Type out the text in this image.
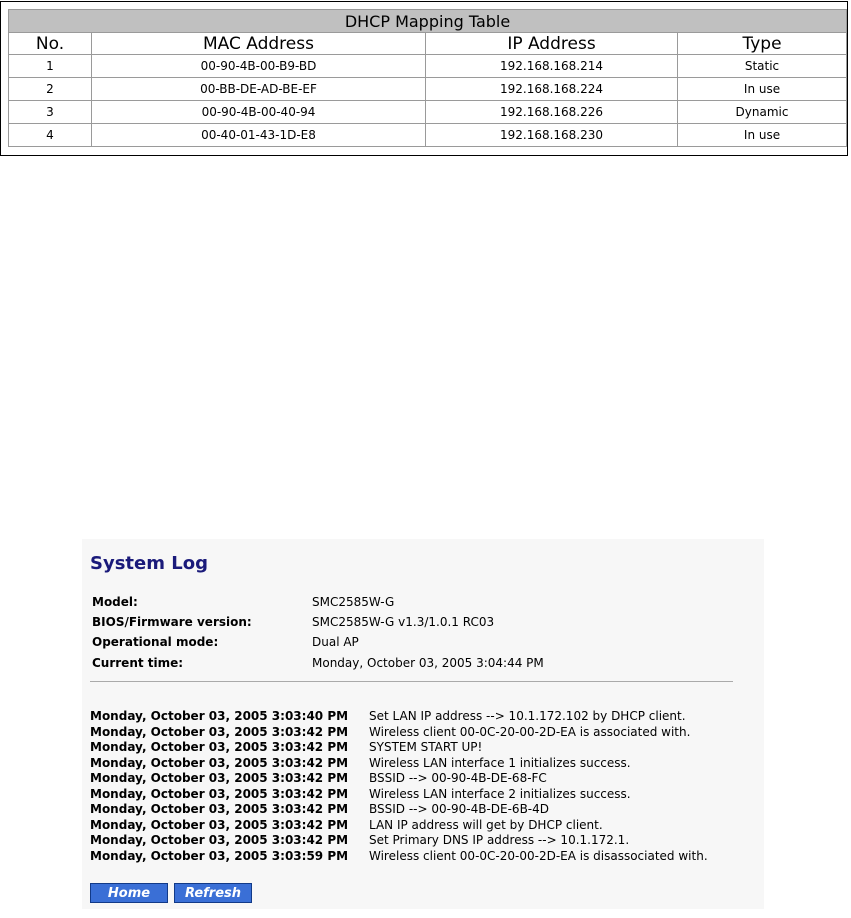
DHCP Mapping Table			
No.	MAC Address	IP Address	Type
1	00-90-4B-00-B9-BD	192.168.168.214	Static
2	00-BB-DE-AD-BE-EF	192.168.168.224	In use
3	00-90-4B-00-40-94	192.168.168.226	Dynamic
4	00-40-01-43-1D-E8	192.168.168.230	In use
System Log
Model:	SMC2585W-G
BIOS/Firmware version:	SMC2585W-G v1.3/1.0.1 RC03
Operational mode:	Dual AP
Current time:	Monday, October 03, 2005 3:04:44 PM
Monday, October 03, 2005 3:03:40 PM Set LAN IP address --> 10.1.172.102 by DHCP client.
Monday, October 03, 2005 3:03:42 PM Wireless client 00-0C-20-00-2D-EA is associated with.
Monday, October 03, 2005 3:03:42 PM SYSTEM START UP!
Monday, October 03, 2005 3:03:42 PM Wireless LAN interface 1 initializes success.
Monday, October 03, 2005 3:03:42 PM BSSID --> 00-90-4B-DE-68-FC
Monday, October 03, 2005 3:03:42 PM Wireless LAN interface 2 initializes success.
Monday, October 03, 2005 3:03:42 PM BSSID --> 00-90-4B-DE-6B-4D
Monday, October 03, 2005 3:03:42 PM LAN IP address will get by DHCP client.
Monday, October 03, 2005 3:03:42 PM Set Primary DNS IP address --> 10.1.172.1.
Monday, October 03, 2005 3:03:59 PM Wireless client 00-0C-20-00-2D-EA is disassociated with.
Home	Refresh
